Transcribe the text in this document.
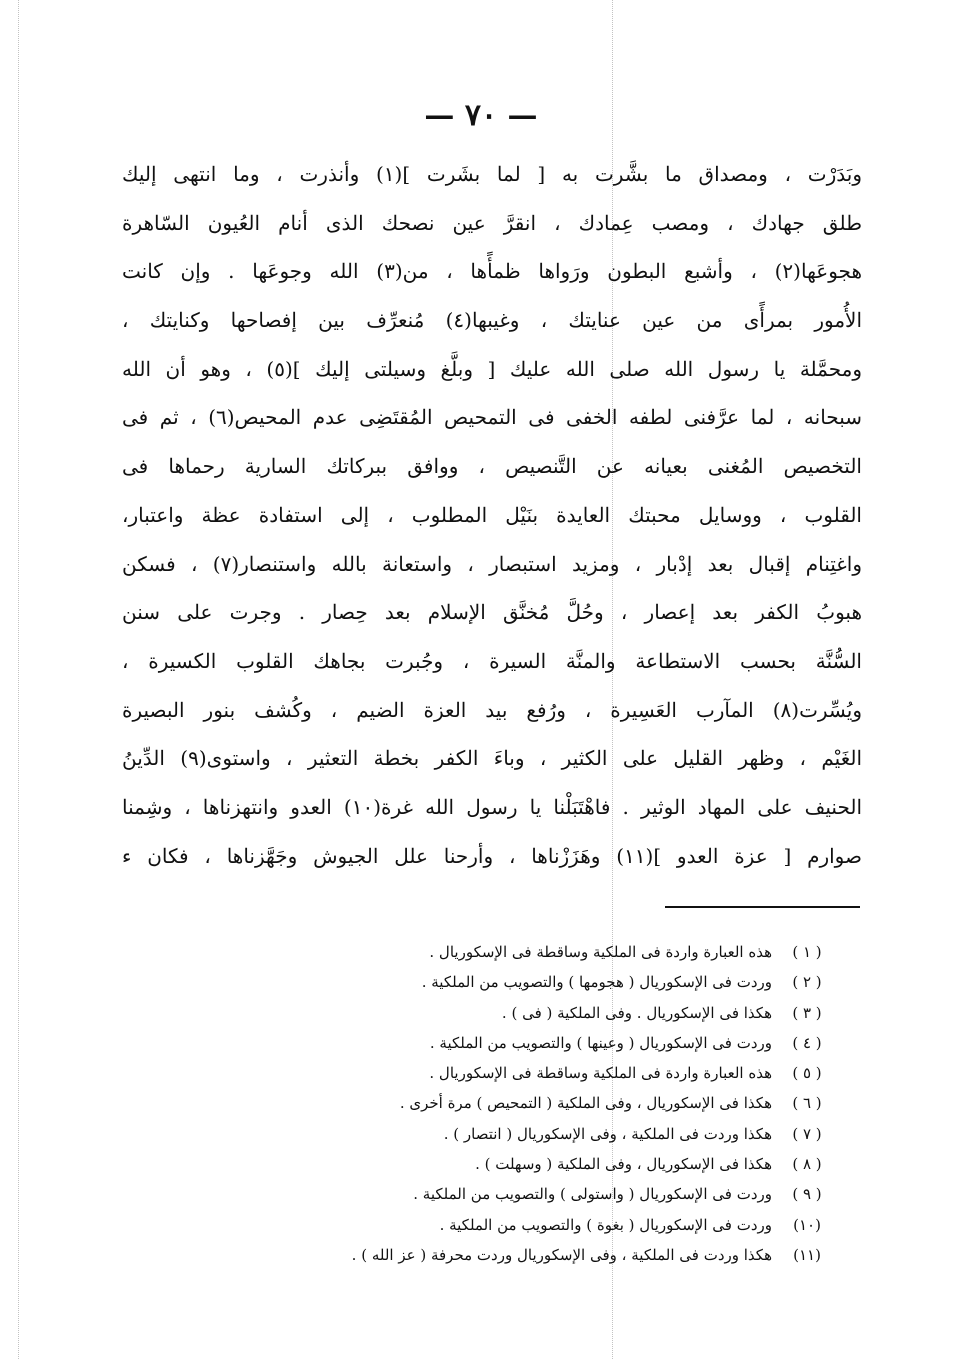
— ٧٠ —
وبَدَرْت ، ومصداق ما بشَّرت به [ لما بشَرت ](١) وأنذرت ، وما انتهى إليك
طلق جهادك ، ومصب عِمادك ، انقرَّ عين نصحك الذى أنام العُيون السّاهرة
هجوعَها(٢) ، وأشبع البطون ورَواها ظمأًها ، من(٣) الله وجوعَها . وإن كانت
الأُمور بمرأًى من عين عنايتك ، وغيبها(٤) مُنعرِّف بين إفصاحها وكنايتك ،
ومحمَّلة يا رسول الله صلى الله عليك [ وبلَّغ وسيلتى إليك ](٥) ، وهو أن الله
سبحانه ، لما عرَّفنى لطفه الخفى فى التمحيص المُقتَضِى عدم المحيص(٦) ، ثم فى
التخصيص المُغنى بعيانه عن التَّنصيص ، ووافق ببركاتك السارية رحماها فى
القلوب ، ووسايل محبتك العايدة بنَيْل المطلوب ، إلى استفادة عظة واعتبار،
واغتِنام إقبال بعد إدْبار ، ومزيد استبصار ، واستعانة بالله واستنصار(٧) ، فسكن
هبوبُ الكفر بعد إعصار ، وحُلَّ مُخنَّق الإسلام بعد حِصار . وجرت على سنن
السُّنَّة بحسب الاستطاعة والمنَّة السيرة ، وجُبرت بجاهك القلوب الكسيرة ،
ويُسِّرت(٨) المآرب العَسِيرة ، ورُفع بيد العزة الضيم ، وكُشف بنور البصيرة
الغَيْم ، وظهر القليل على الكثير ، وباءَ الكفر بخطة التعثير ، واستوى(٩) الدِّينُ
الحنيف على المهاد الوثير . فاهْتَبَلْنا يا رسول الله غرة(١٠) العدو وانتهزناها ، وشِمنا
صوارم [ عزة العدو ](١١) وهَزَزْناها ، وأرحنا علل الجيوش وجَهَّزناها ، فكان ء
( ١ )هذه العبارة واردة فى الملكية وساقطة فى الإسكوريال .
( ٢ )وردت فى الإسكوريال ( هجومها ) والتصويب من الملكية .
( ٣ )هكذا فى الإسكوريال . وفى الملكية ( فى ) .
( ٤ )وردت فى الإسكوريال ( وعينها ) والتصويب من الملكية .
( ٥ )هذه العبارة واردة فى الملكية وساقطة فى الإسكوريال .
( ٦ )هكذا فى الإسكوريال ، وفى الملكية ( التمحيص ) مرة أخرى .
( ٧ )هكذا وردت فى الملكية ، وفى الإسكوريال ( انتصار ) .
( ٨ )هكذا فى الإسكوريال ، وفى الملكية ( وسهلت ) .
( ٩ )وردت فى الإسكوريال ( واستولى ) والتصويب من الملكية .
(١٠)وردت فى الإسكوريال ( بغوة ) والتصويب من الملكية .
(١١)هكذا وردت فى الملكية ، وفى الإسكوريال وردت محرفة ( عز الله ) .
